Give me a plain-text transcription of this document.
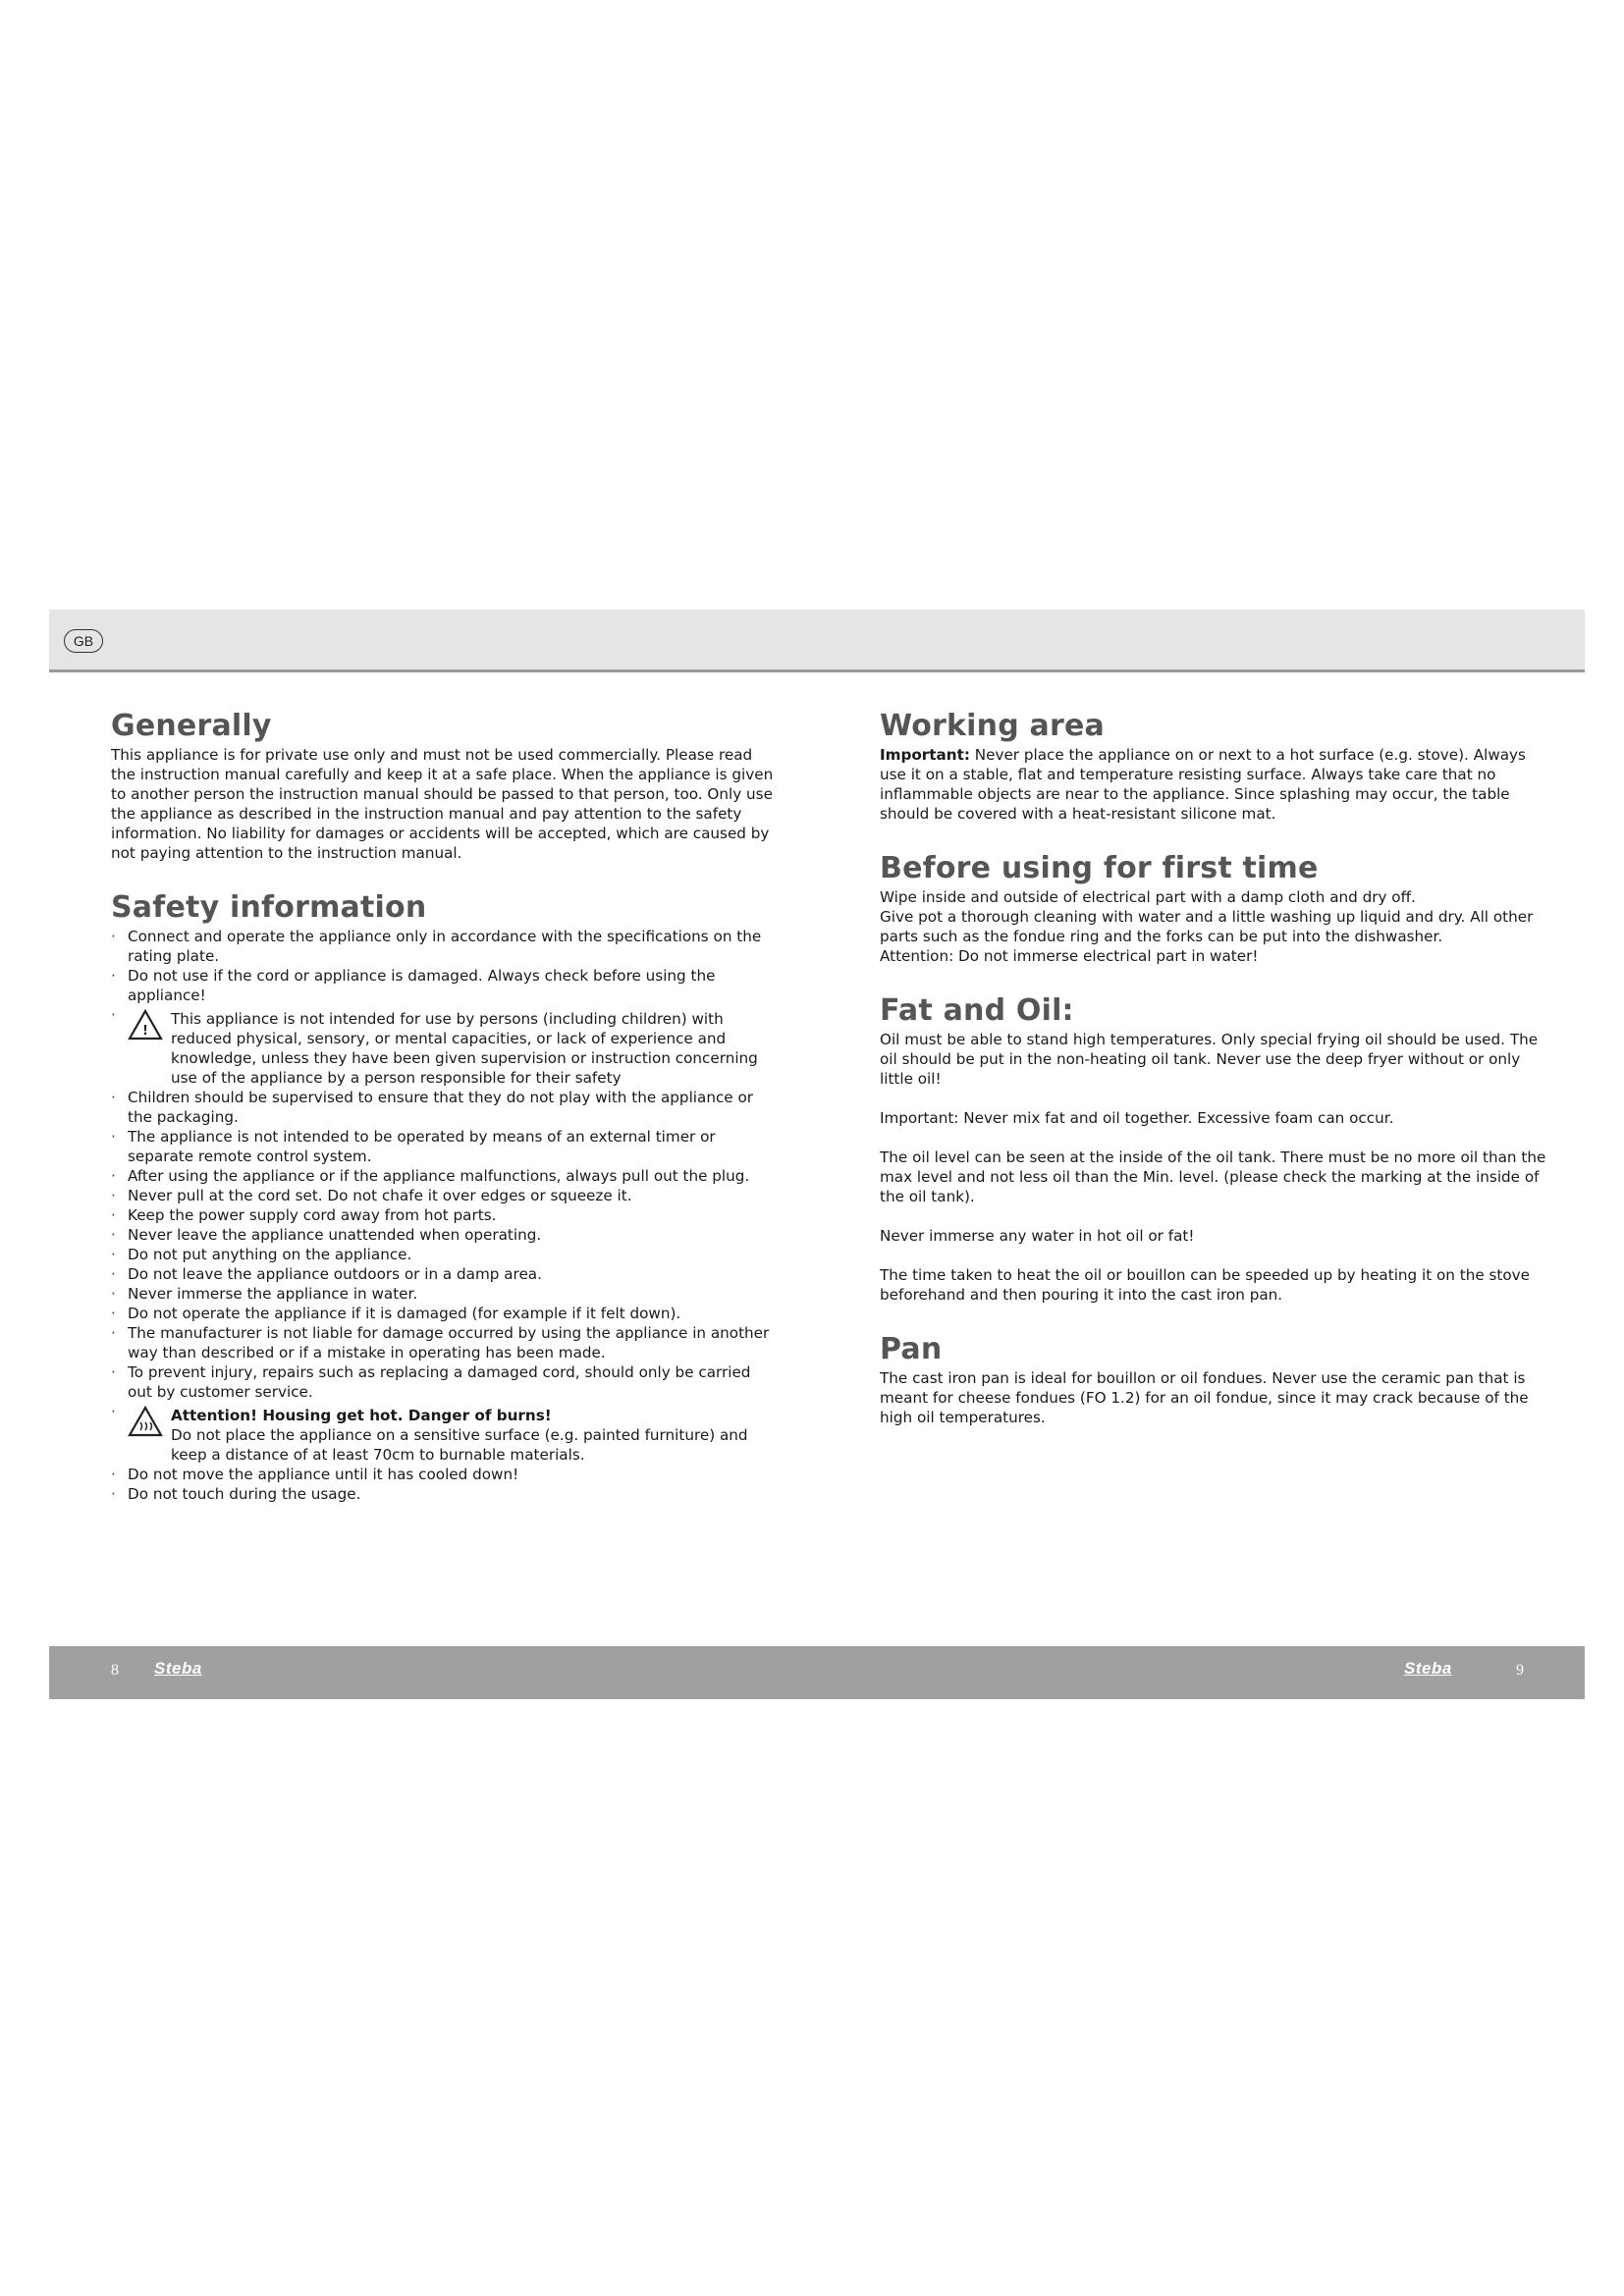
GB
Generally

This appliance is for private use only and must not be used commercially. Please read the instruction manual carefully and keep it at a safe place. When the appliance is given to another person the instruction manual should be passed to that person, too. Only use the appliance as described in the instruction manual and pay attention to the safety information. No liability for damages or accidents will be accepted, which are caused by not paying attention to the instruction manual.

Safety information
· Connect and operate the appliance only in accordance with the specifications on the rating plate.
· Do not use if the cord or appliance is damaged. Always check before using the appliance!
· !
This appliance is not intended for use by persons (including children) with reduced physical, sensory, or mental capacities, or lack of experience and knowledge, unless they have been given supervision or instruction concerning use of the appliance by a person responsible for their safety
· Children should be supervised to ensure that they do not play with the appliance or the packaging.
· The appliance is not intended to be operated by means of an external timer or separate remote control system.
· After using the appliance or if the appliance malfunctions, always pull out the plug.
· Never pull at the cord set. Do not chafe it over edges or squeeze it.
· Keep the power supply cord away from hot parts.
· Never leave the appliance unattended when operating.
· Do not put anything on the appliance.
· Do not leave the appliance outdoors or in a damp area.
· Never immerse the appliance in water.
· Do not operate the appliance if it is damaged (for example if it felt down).
· The manufacturer is not liable for damage occurred by using the appliance in another way than described or if a mistake in operating has been made.
· To prevent injury, repairs such as replacing a damaged cord, should only be carried out by customer service.
· Attention! Housing get hot. Danger of burns!
Do not place the appliance on a sensitive surface (e.g. painted furniture) and keep a distance of at least 70cm to burnable materials.
· Do not move the appliance until it has cooled down!
· Do not touch during the usage.
Working area

Important: Never place the appliance on or next to a hot surface (e.g. stove). Always use it on a stable, flat and temperature resisting surface. Always take care that no inflammable objects are near to the appliance. Since splashing may occur, the table should be covered with a heat-resistant silicone mat.

Before using for first time

Wipe inside and outside of electrical part with a damp cloth and dry off.

Give pot a thorough cleaning with water and a little washing up liquid and dry. All other parts such as the fondue ring and the forks can be put into the dishwasher.

Attention: Do not immerse electrical part in water!

Fat and Oil:

Oil must be able to stand high temperatures. Only special frying oil should be used. The oil should be put in the non-heating oil tank. Never use the deep fryer without or only little oil!

Important: Never mix fat and oil together. Excessive foam can occur.

The oil level can be seen at the inside of the oil tank. There must be no more oil than the max level and not less oil than the Min. level. (please check the marking at the inside of the oil tank).

Never immerse any water in hot oil or fat!

The time taken to heat the oil or bouillon can be speeded up by heating it on the stove beforehand and then pouring it into the cast iron pan.

Pan

The cast iron pan is ideal for bouillon or oil fondues. Never use the ceramic pan that is meant for cheese fondues (FO 1.2) for an oil fondue, since it may crack because of the high oil temperatures.

8 Steba	Steba	9
